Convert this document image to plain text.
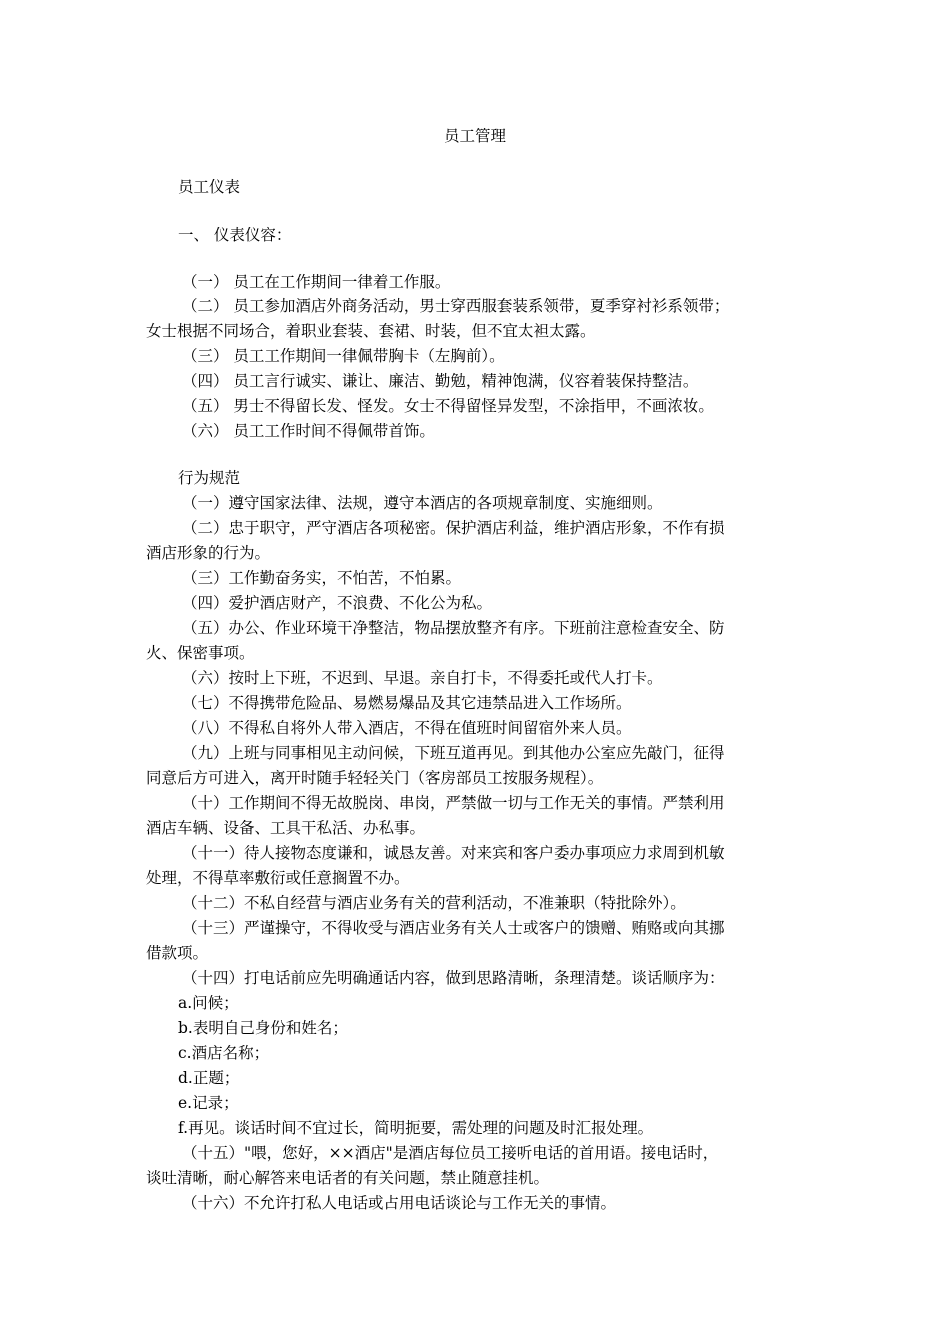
员工管理

员工仪表

一、 仪表仪容：

（一） 员工在工作期间一律着工作服。

（二） 员工参加酒店外商务活动，男士穿西服套装系领带，夏季穿衬衫系领带；

女士根据不同场合，着职业套装、套裙、时装，但不宜太袒太露。

（三） 员工工作期间一律佩带胸卡（左胸前）。

（四） 员工言行诚实、谦让、廉洁、勤勉，精神饱满，仪容着装保持整洁。

（五） 男士不得留长发、怪发。女士不得留怪异发型，不涂指甲，不画浓妆。

（六） 员工工作时间不得佩带首饰。

行为规范

（一）遵守国家法律、法规，遵守本酒店的各项规章制度、实施细则。

（二）忠于职守，严守酒店各项秘密。保护酒店利益，维护酒店形象，不作有损

酒店形象的行为。

（三）工作勤奋务实，不怕苦，不怕累。

（四）爱护酒店财产，不浪费、不化公为私。

（五）办公、作业环境干净整洁，物品摆放整齐有序。下班前注意检查安全、防

火、保密事项。

（六）按时上下班，不迟到、早退。亲自打卡，不得委托或代人打卡。

（七）不得携带危险品、易燃易爆品及其它违禁品进入工作场所。

（八）不得私自将外人带入酒店，不得在值班时间留宿外来人员。

（九）上班与同事相见主动问候，下班互道再见。到其他办公室应先敲门，征得

同意后方可进入，离开时随手轻轻关门（客房部员工按服务规程）。

（十）工作期间不得无故脱岗、串岗，严禁做一切与工作无关的事情。严禁利用

酒店车辆、设备、工具干私活、办私事。

（十一）待人接物态度谦和，诚恳友善。对来宾和客户委办事项应力求周到机敏

处理，不得草率敷衍或任意搁置不办。

（十二）不私自经营与酒店业务有关的营利活动，不准兼职（特批除外）。

（十三）严谨操守，不得收受与酒店业务有关人士或客户的馈赠、贿赂或向其挪

借款项。

（十四）打电话前应先明确通话内容，做到思路清晰，条理清楚。谈话顺序为：

a.问候；

b.表明自己身份和姓名；

c.酒店名称；

d.正题；

e.记录；

f.再见。谈话时间不宜过长，简明扼要，需处理的问题及时汇报处理。

（十五）"喂，您好，××酒店"是酒店每位员工接听电话的首用语。接电话时，

谈吐清晰，耐心解答来电话者的有关问题，禁止随意挂机。

（十六）不允许打私人电话或占用电话谈论与工作无关的事情。
